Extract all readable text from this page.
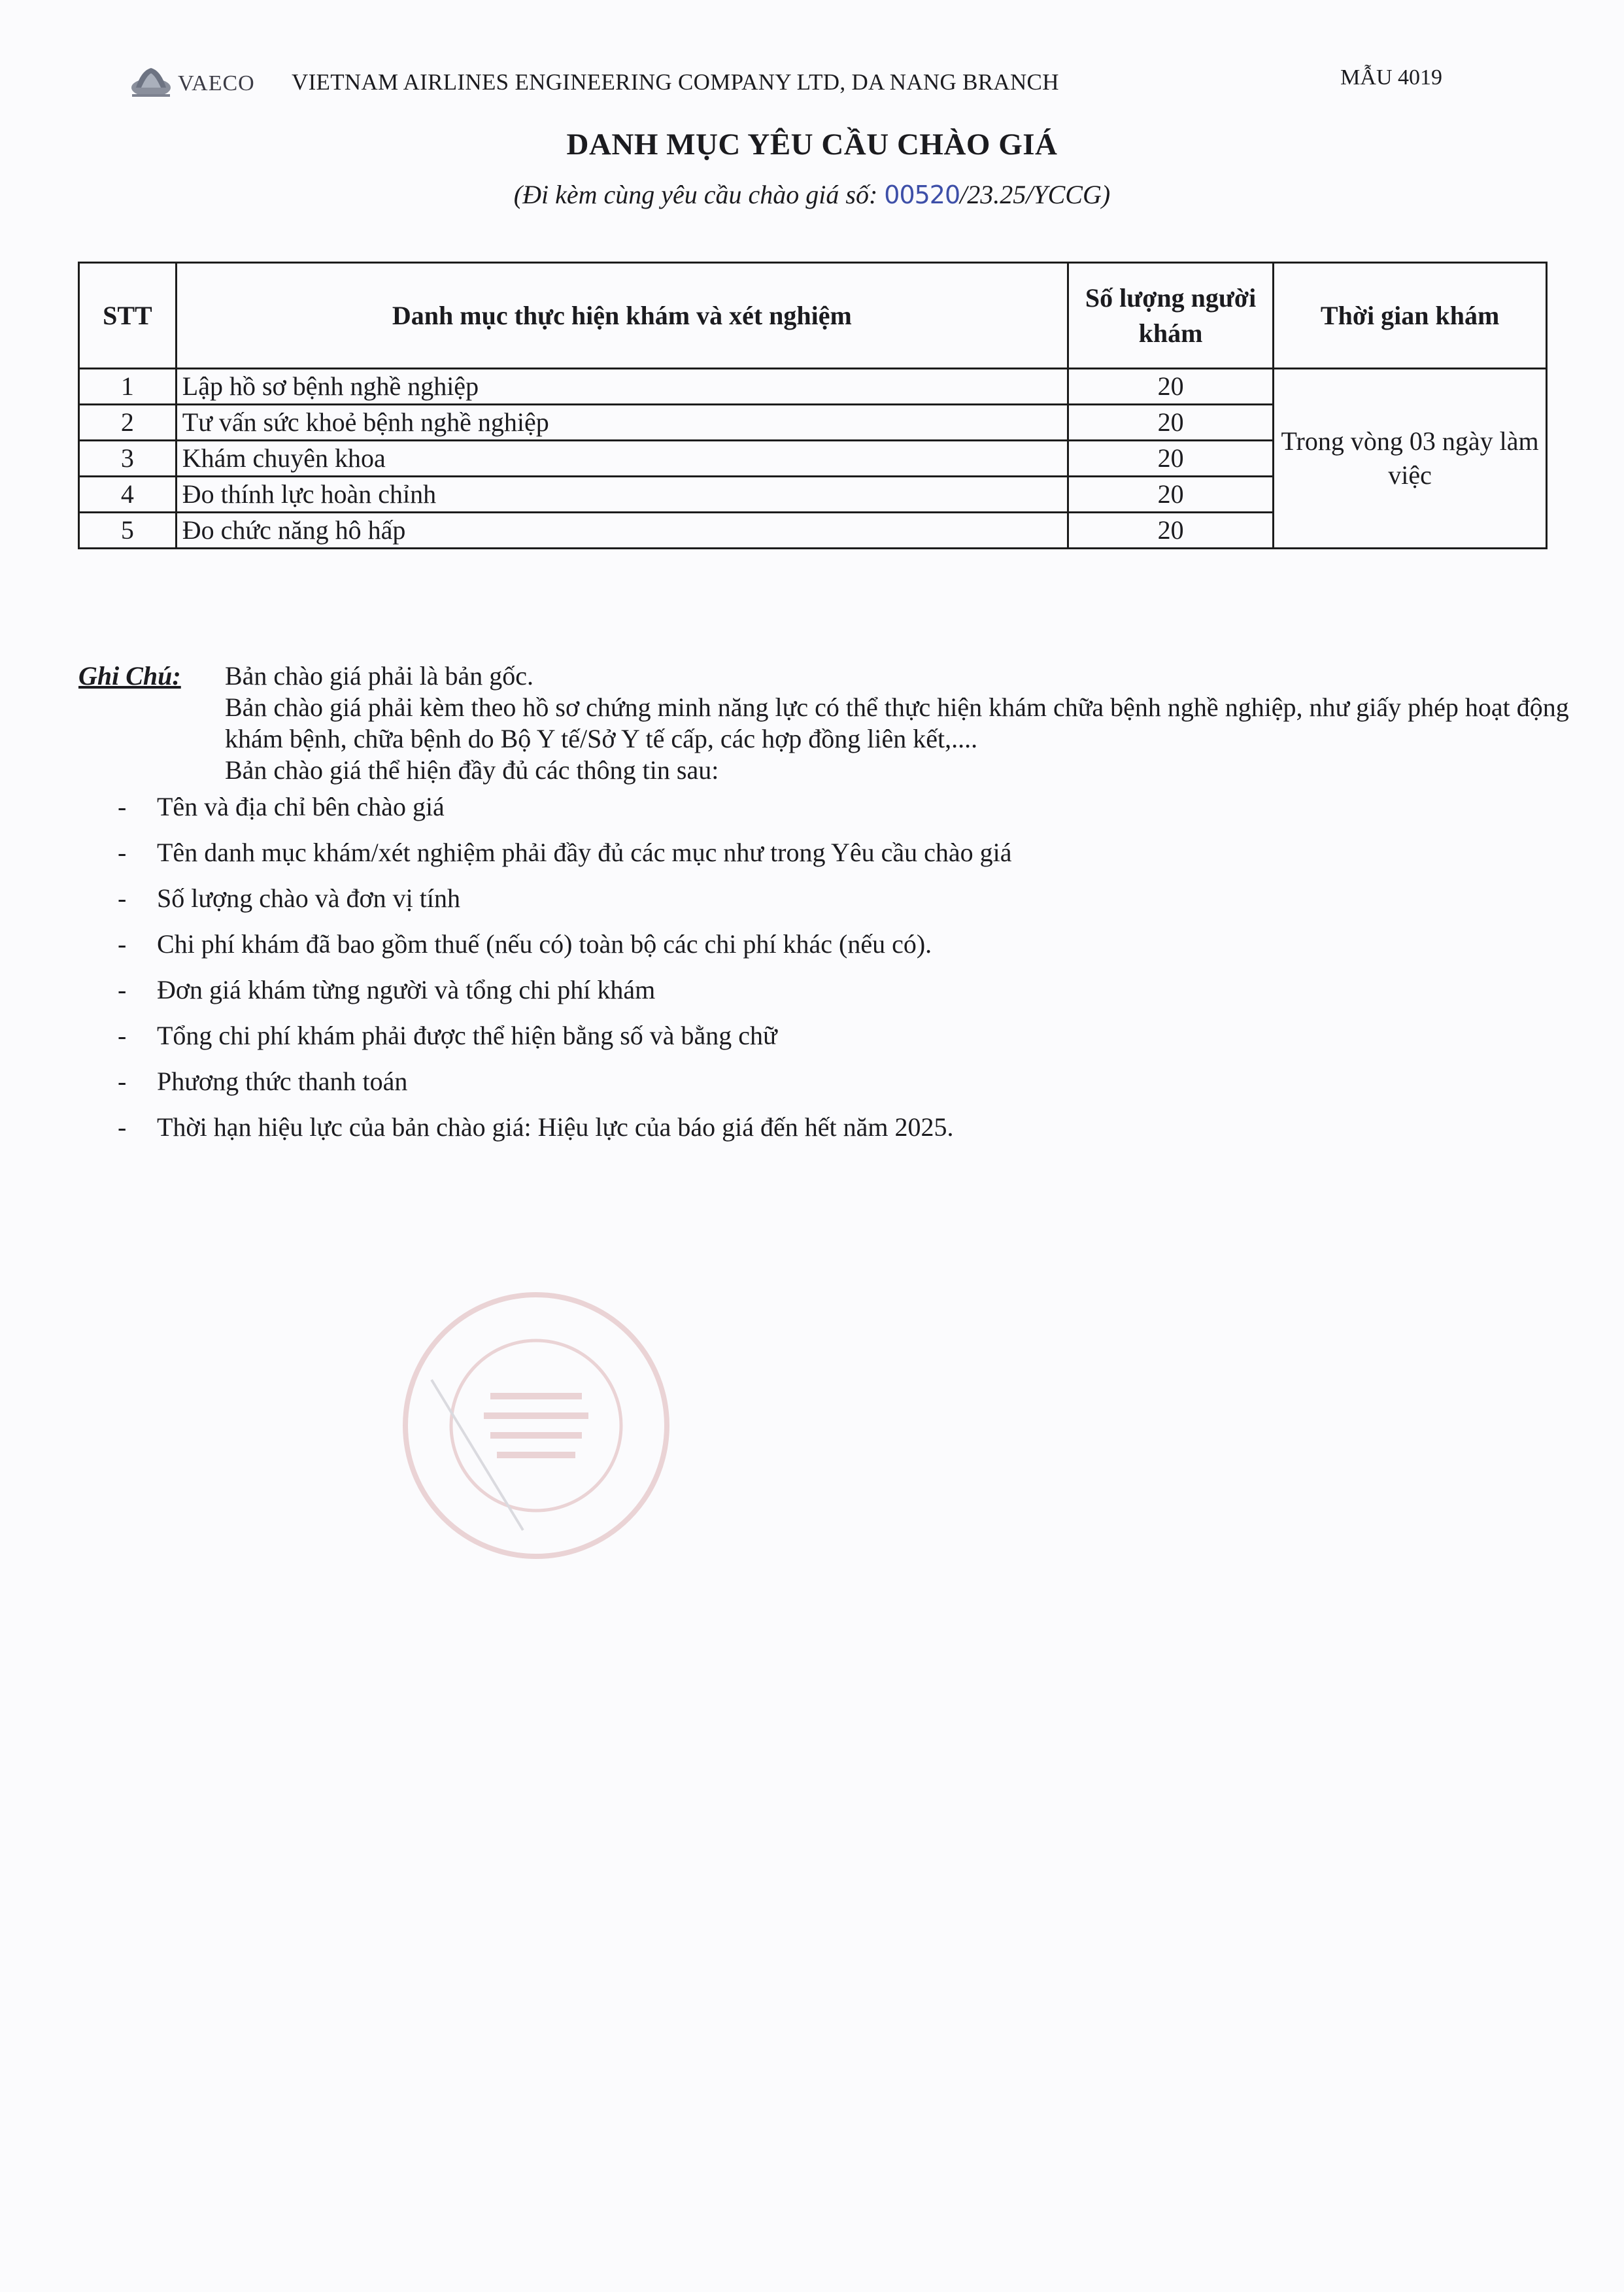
VAECO VIETNAM AIRLINES ENGINEERING COMPANY LTD, DA NANG BRANCH	MẪU 4019
DANH MỤC YÊU CẦU CHÀO GIÁ
(Đi kèm cùng yêu cầu chào giá số: 00520/23.25/YCCG)
STT	Danh mục thực hiện khám và xét nghiệm	Số lượng người khám	Thời gian khám
1	Lập hồ sơ bệnh nghề nghiệp	20	Trong vòng 03 ngày làm việc
2	Tư vấn sức khoẻ bệnh nghề nghiệp	20	
3	Khám chuyên khoa	20	
4	Đo thính lực hoàn chỉnh	20	
5	Đo chức năng hô hấp	20	
Ghi Chú: Bản chào giá phải là bản gốc.

Bản chào giá phải kèm theo hồ sơ chứng minh năng lực có thể thực hiện khám chữa bệnh nghề nghiệp, như giấy phép hoạt động khám bệnh, chữa bệnh do Bộ Y tế/Sở Y tế cấp, các hợp đồng liên kết,....

Bản chào giá thể hiện đầy đủ các thông tin sau:

- Tên và địa chỉ bên chào giá
- Tên danh mục khám/xét nghiệm phải đầy đủ các mục như trong Yêu cầu chào giá
- Số lượng chào và đơn vị tính
- Chi phí khám đã bao gồm thuế (nếu có) toàn bộ các chi phí khác (nếu có).
- Đơn giá khám từng người và tổng chi phí khám
- Tổng chi phí khám phải được thể hiện bằng số và bằng chữ
- Phương thức thanh toán
- Thời hạn hiệu lực của bản chào giá: Hiệu lực của báo giá đến hết năm 2025.
